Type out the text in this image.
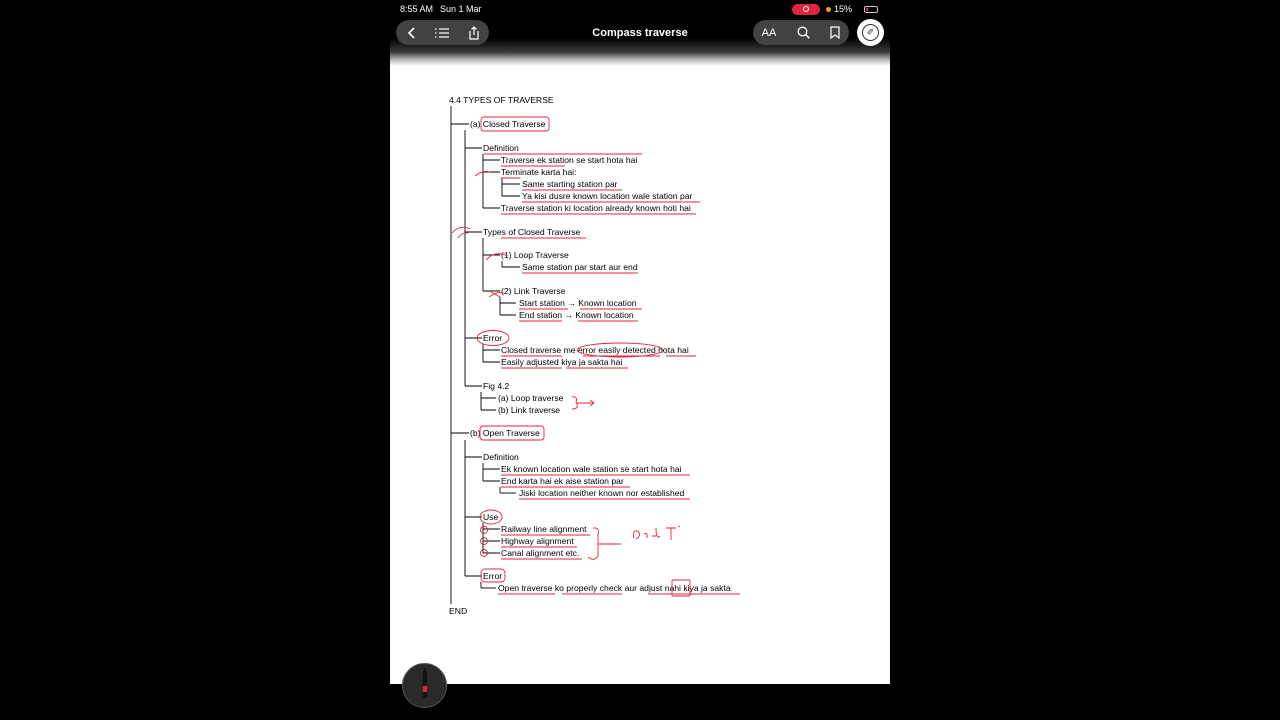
8:55 AM Sun 1 Mar	15%
Compass traverse	AA	✐
4.4 TYPES OF TRAVERSE
(a) Closed Traverse
Definition
Traverse ek station se start hota hai
Terminate karta hai:
Same starting station par
Ya kisi dusre known location wale station par
Traverse station ki location already known hoti hai
Types of Closed Traverse
(1) Loop Traverse
Same station par start aur end
(2) Link Traverse
Start station → Known location
End station → Known location
Error
Closed traverse me error easily detected hota hai
Easily adjusted kiya ja sakta hai
Fig 4.2
(a) Loop traverse
(b) Link traverse
(b) Open Traverse
Definition
Ek known location wale station se start hota hai
End karta hai ek aise station par
Jiski location neither known nor established
Use
Railway line alignment
Highway alignment
Canal alignment etc.
Error
Open traverse ko properly check aur adjust nahi kiya ja sakta
END
